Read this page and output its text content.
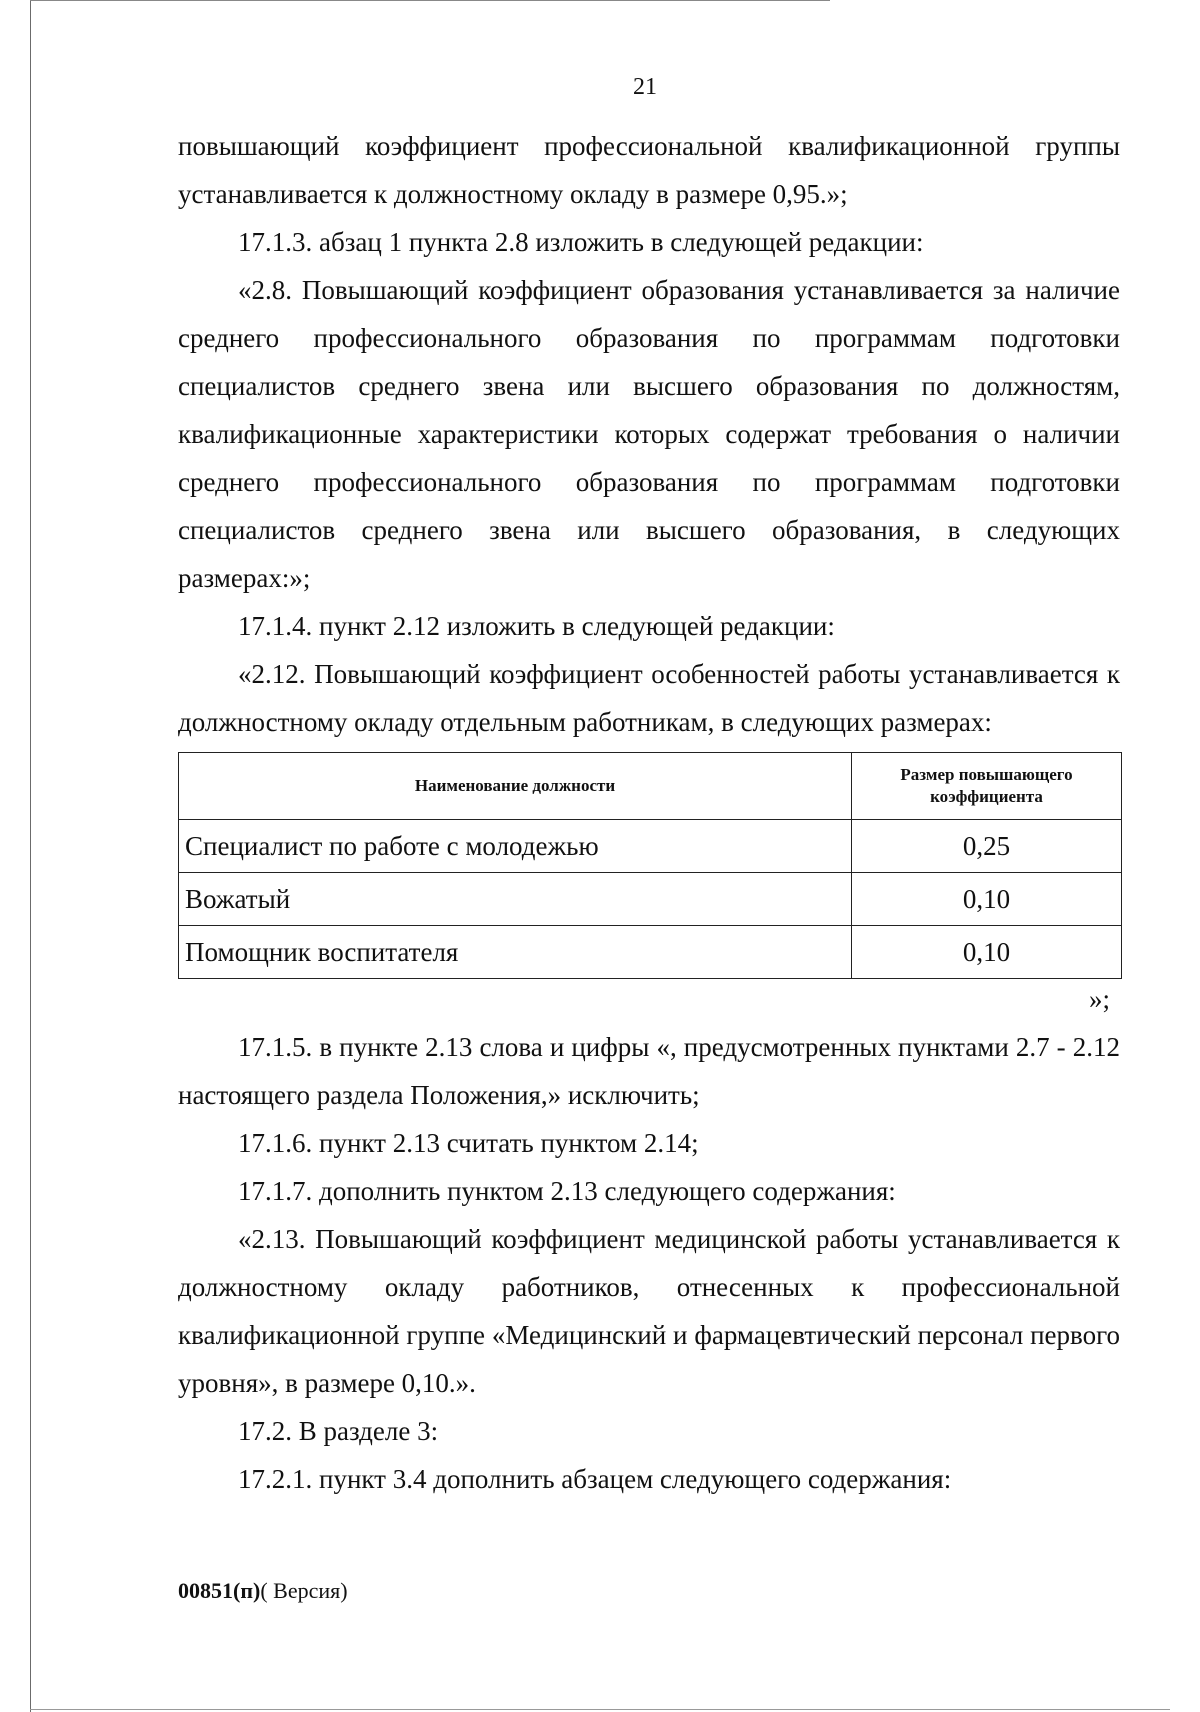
21

повышающий коэффициент профессиональной квалификационной группы устанавливается к должностному окладу в размере 0,95.»;

17.1.3. абзац 1 пункта 2.8 изложить в следующей редакции:

«2.8. Повышающий коэффициент образования устанавливается за наличие среднего профессионального образования по программам подготовки специалистов среднего звена или высшего образования по должностям, квалификационные характеристики которых содержат требования о наличии среднего профессионального образования по программам подготовки специалистов среднего звена или высшего образования, в следующих размерах:»;

17.1.4. пункт 2.12 изложить в следующей редакции:

«2.12. Повышающий коэффициент особенностей работы устанавливается к должностному окладу отдельным работникам, в следующих размерах:

Наименование должности	Размер повышающего коэффициента
Специалист по работе с молодежью	0,25
Вожатый	0,10
Помощник воспитателя	0,10
»;

17.1.5. в пункте 2.13 слова и цифры «, предусмотренных пунктами 2.7 - 2.12 настоящего раздела Положения,» исключить;

17.1.6. пункт 2.13 считать пунктом 2.14;

17.1.7. дополнить пунктом 2.13 следующего содержания:

«2.13. Повышающий коэффициент медицинской работы устанавливается к должностному окладу работников, отнесенных к профессиональной квалификационной группе «Медицинский и фармацевтический персонал первого уровня», в размере 0,10.».

17.2. В разделе 3:

17.2.1. пункт 3.4 дополнить абзацем следующего содержания:

00851(п)( Версия)
